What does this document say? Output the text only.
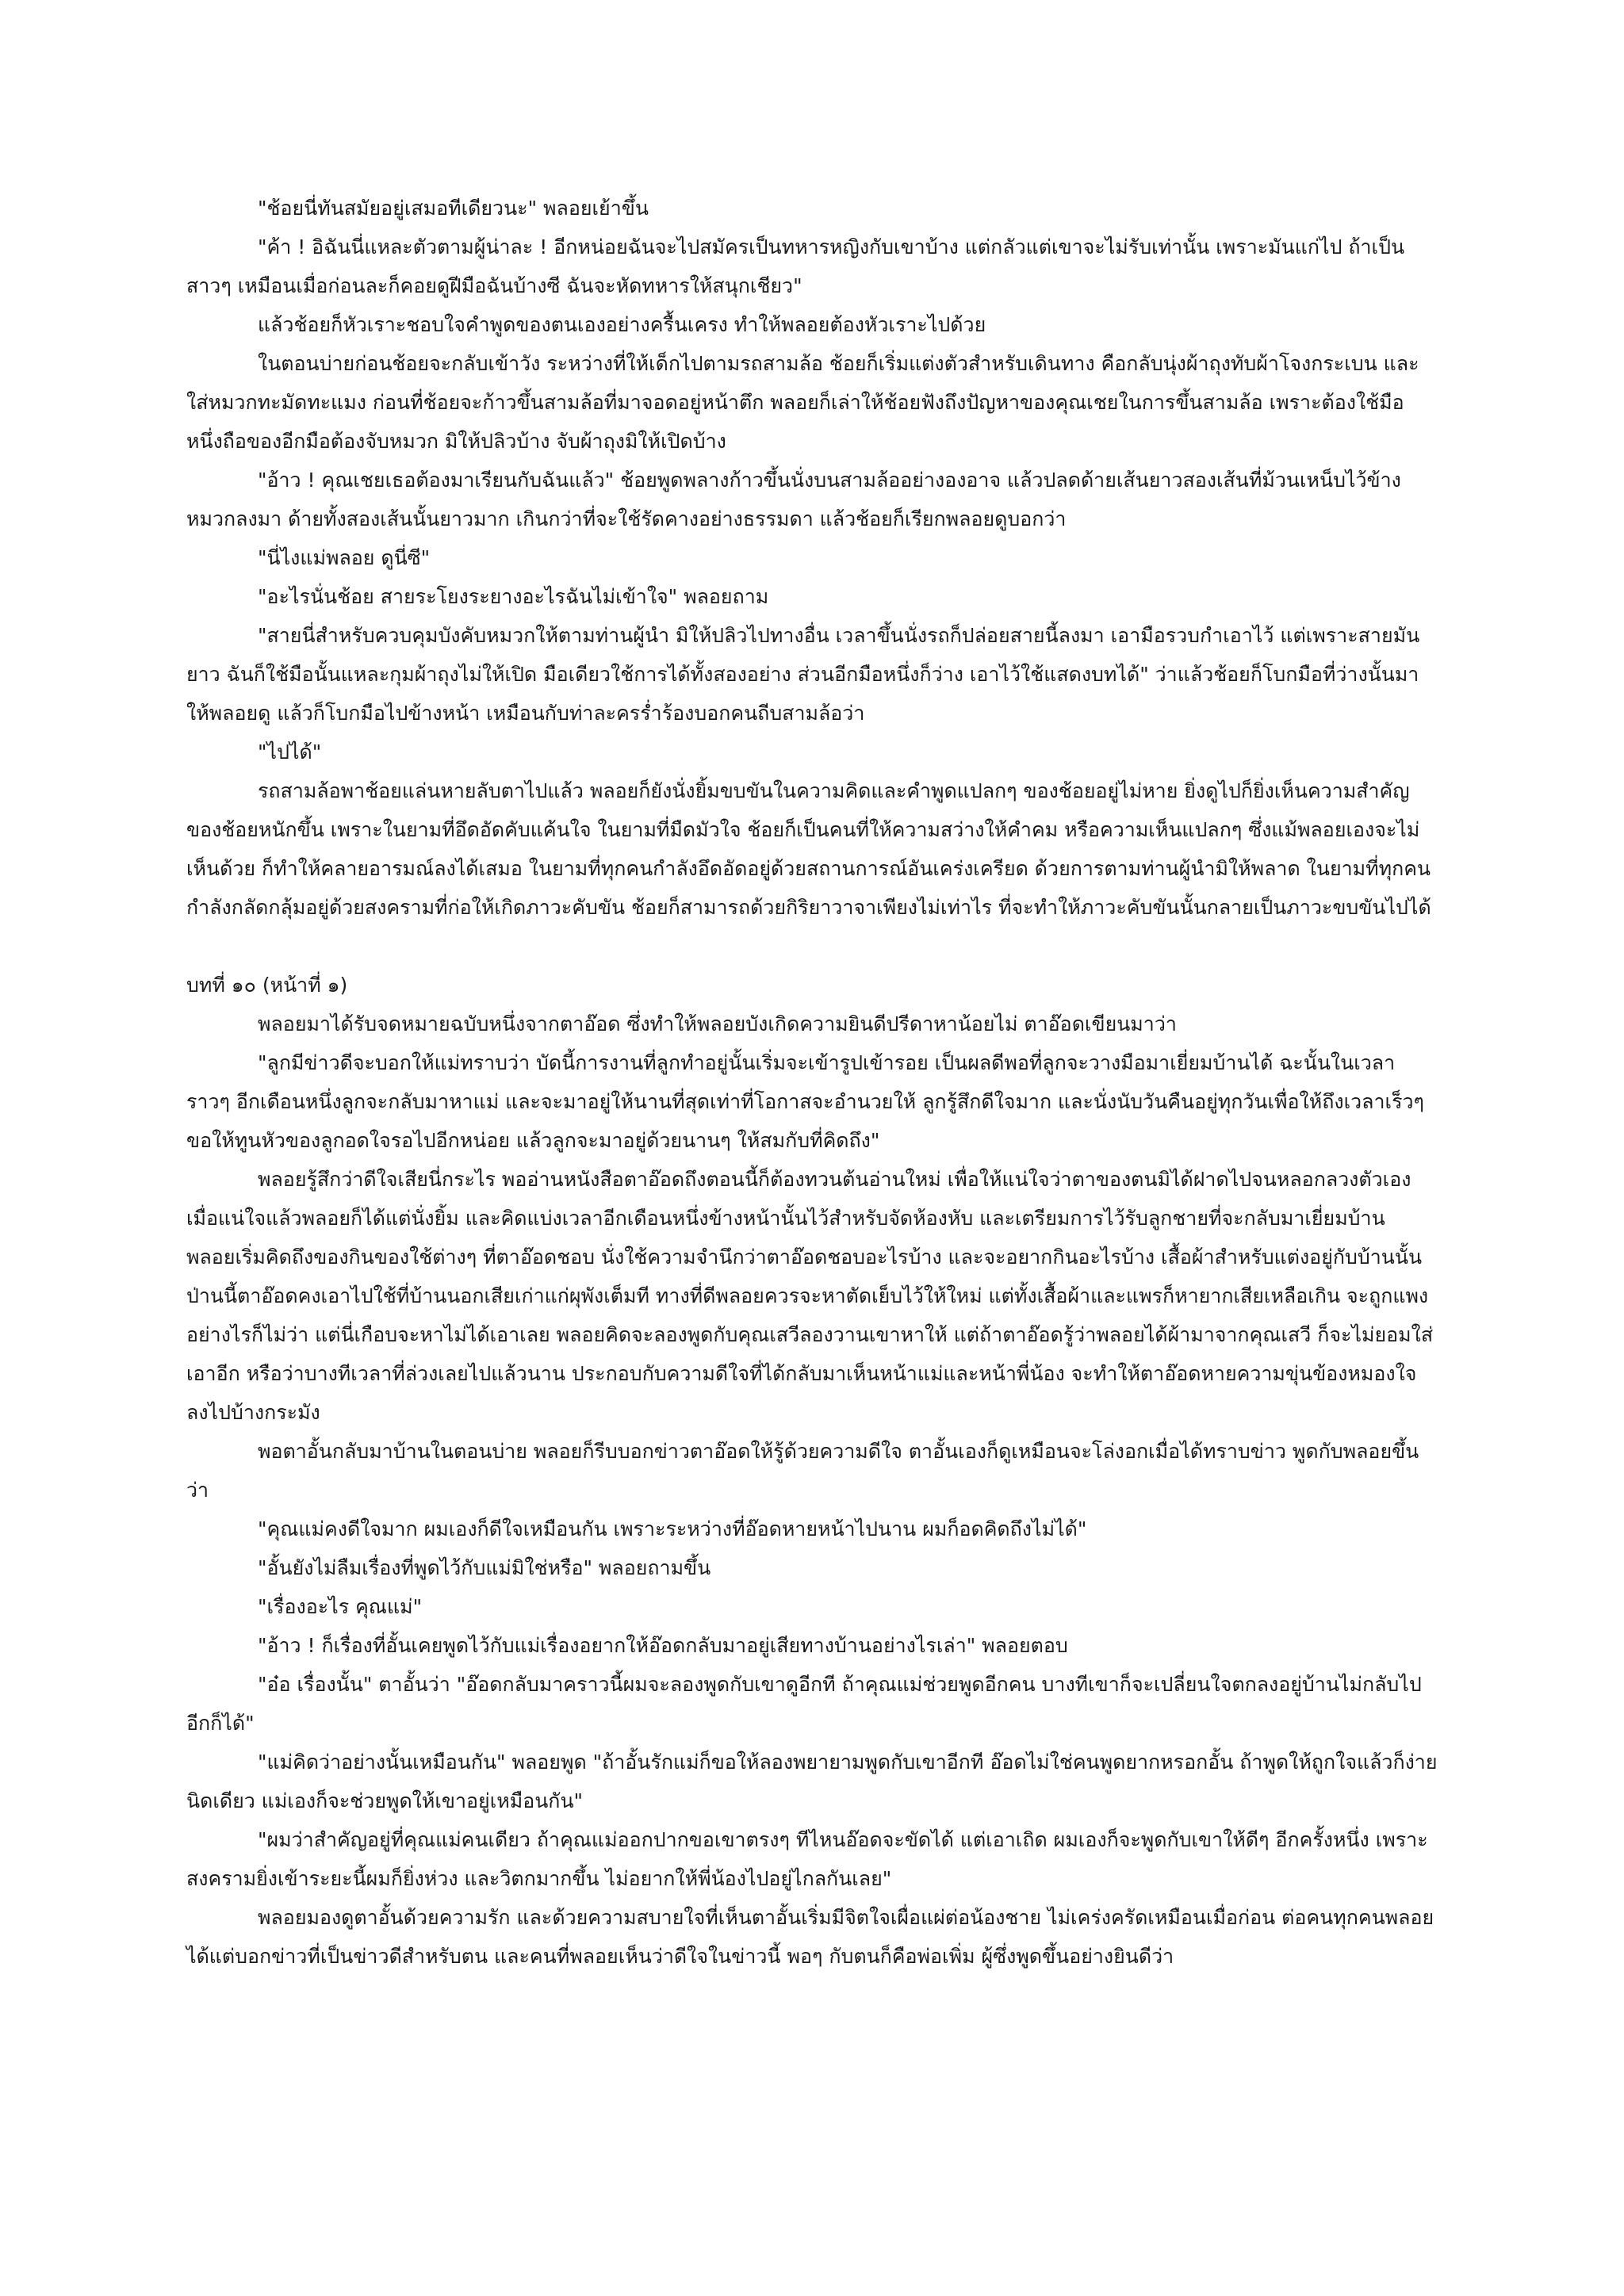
"ช้อยนี่ทันสมัยอยู่เสมอทีเดียวนะ" พลอยเย้าขึ้น

"ค้า ! อิฉันนี่แหละตัวตามผู้น่าละ ! อีกหน่อยฉันจะไปสมัครเป็นทหารหญิงกับเขาบ้าง แต่กลัวแต่เขาจะไม่รับเท่านั้น เพราะมันแก่ไป ถ้าเป็นสาวๆ เหมือนเมื่อก่อนละก็คอยดูฝีมือฉันบ้างซี ฉันจะหัดทหารให้สนุกเชียว"

แล้วช้อยก็หัวเราะชอบใจคำพูดของตนเองอย่างครื้นเครง ทำให้พลอยต้องหัวเราะไปด้วย

ในตอนบ่ายก่อนช้อยจะกลับเข้าวัง ระหว่างที่ให้เด็กไปตามรถสามล้อ ช้อยก็เริ่มแต่งตัวสำหรับเดินทาง คือกลับนุ่งผ้าถุงทับผ้าโจงกระเบน และใส่หมวกทะมัดทะแมง ก่อนที่ช้อยจะก้าวขึ้นสามล้อที่มาจอดอยู่หน้าตึก พลอยก็เล่าให้ช้อยฟังถึงปัญหาของคุณเชยในการขึ้นสามล้อ เพราะต้องใช้มือหนึ่งถือของอีกมือต้องจับหมวก มิให้ปลิวบ้าง จับผ้าถุงมิให้เปิดบ้าง

"อ้าว ! คุณเชยเธอต้องมาเรียนกับฉันแล้ว" ช้อยพูดพลางก้าวขึ้นนั่งบนสามล้ออย่างองอาจ แล้วปลดด้ายเส้นยาวสองเส้นที่ม้วนเหน็บไว้ข้างหมวกลงมา ด้ายทั้งสองเส้นนั้นยาวมาก เกินกว่าที่จะใช้รัดคางอย่างธรรมดา แล้วช้อยก็เรียกพลอยดูบอกว่า

"นี่ไงแม่พลอย ดูนี่ซี"

"อะไรนั่นช้อย สายระโยงระยางอะไรฉันไม่เข้าใจ" พลอยถาม

"สายนี่สำหรับควบคุมบังคับหมวกให้ตามท่านผู้นำ มิให้ปลิวไปทางอื่น เวลาขึ้นนั่งรถก็ปล่อยสายนี้ลงมา เอามือรวบกำเอาไว้ แต่เพราะสายมันยาว ฉันก็ใช้มือนั้นแหละกุมผ้าถุงไม่ให้เปิด มือเดียวใช้การได้ทั้งสองอย่าง ส่วนอีกมือหนึ่งก็ว่าง เอาไว้ใช้แสดงบทได้" ว่าแล้วช้อยก็โบกมือที่ว่างนั้นมาให้พลอยดู แล้วก็โบกมือไปข้างหน้า เหมือนกับท่าละครร่ำร้องบอกคนถีบสามล้อว่า

"ไปได้"

รถสามล้อพาช้อยแล่นหายลับตาไปแล้ว พลอยก็ยังนั่งยิ้มขบขันในความคิดและคำพูดแปลกๆ ของช้อยอยู่ไม่หาย ยิ่งดูไปก็ยิ่งเห็นความสำคัญของช้อยหนักขึ้น เพราะในยามที่อึดอัดคับแค้นใจ ในยามที่มืดมัวใจ ช้อยก็เป็นคนที่ให้ความสว่างให้คำคม หรือความเห็นแปลกๆ ซึ่งแม้พลอยเองจะไม่เห็นด้วย ก็ทำให้คลายอารมณ์ลงได้เสมอ ในยามที่ทุกคนกำลังอึดอัดอยู่ด้วยสถานการณ์อันเคร่งเครียด ด้วยการตามท่านผู้นำมิให้พลาด ในยามที่ทุกคนกำลังกลัดกลุ้มอยู่ด้วยสงครามที่ก่อให้เกิดภาวะคับขัน ช้อยก็สามารถด้วยกิริยาวาจาเพียงไม่เท่าไร ที่จะทำให้ภาวะคับขันนั้นกลายเป็นภาวะขบขันไปได้

บทที่ ๑๐ (หน้าที่ ๑)

พลอยมาได้รับจดหมายฉบับหนึ่งจากตาอ๊อด ซึ่งทำให้พลอยบังเกิดความยินดีปรีดาหาน้อยไม่ ตาอ๊อดเขียนมาว่า

"ลูกมีข่าวดีจะบอกให้แม่ทราบว่า บัดนี้การงานที่ลูกทำอยู่นั้นเริ่มจะเข้ารูปเข้ารอย เป็นผลดีพอที่ลูกจะวางมือมาเยี่ยมบ้านได้ ฉะนั้นในเวลาราวๆ อีกเดือนหนึ่งลูกจะกลับมาหาแม่ และจะมาอยู่ให้นานที่สุดเท่าที่โอกาสจะอำนวยให้ ลูกรู้สึกดีใจมาก และนั่งนับวันคืนอยู่ทุกวันเพื่อให้ถึงเวลาเร็วๆ ขอให้ทูนหัวของลูกอดใจรอไปอีกหน่อย แล้วลูกจะมาอยู่ด้วยนานๆ ให้สมกับที่คิดถึง"

พลอยรู้สึกว่าดีใจเสียนี่กระไร พออ่านหนังสือตาอ๊อดถึงตอนนี้ก็ต้องทวนต้นอ่านใหม่ เพื่อให้แน่ใจว่าตาของตนมิได้ฝาดไปจนหลอกลวงตัวเอง เมื่อแน่ใจแล้วพลอยก็ได้แต่นั่งยิ้ม และคิดแบ่งเวลาอีกเดือนหนึ่งข้างหน้านั้นไว้สำหรับจัดห้องหับ และเตรียมการไว้รับลูกชายที่จะกลับมาเยี่ยมบ้าน พลอยเริ่มคิดถึงของกินของใช้ต่างๆ ที่ตาอ๊อดชอบ นั่งใช้ความจำนึกว่าตาอ๊อดชอบอะไรบ้าง และจะอยากกินอะไรบ้าง เสื้อผ้าสำหรับแต่งอยู่กับบ้านนั้น ป่านนี้ตาอ๊อดคงเอาไปใช้ที่บ้านนอกเสียเก่าแก่ผุพังเต็มที ทางที่ดีพลอยควรจะหาตัดเย็บไว้ให้ใหม่ แต่ทั้งเสื้อผ้าและแพรก็หายากเสียเหลือเกิน จะถูกแพงอย่างไรก็ไม่ว่า แต่นี่เกือบจะหาไม่ได้เอาเลย พลอยคิดจะลองพูดกับคุณเสวีลองวานเขาหาให้ แต่ถ้าตาอ๊อดรู้ว่าพลอยได้ผ้ามาจากคุณเสวี ก็จะไม่ยอมใส่เอาอีก หรือว่าบางทีเวลาที่ล่วงเลยไปแล้วนาน ประกอบกับความดีใจที่ได้กลับมาเห็นหน้าแม่และหน้าพี่น้อง จะทำให้ตาอ๊อดหายความขุ่นข้องหมองใจลงไปบ้างกระมัง

พอตาอั้นกลับมาบ้านในตอนบ่าย พลอยก็รีบบอกข่าวตาอ๊อดให้รู้ด้วยความดีใจ ตาอั้นเองก็ดูเหมือนจะโล่งอกเมื่อได้ทราบข่าว พูดกับพลอยขึ้นว่า

"คุณแม่คงดีใจมาก ผมเองก็ดีใจเหมือนกัน เพราะระหว่างที่อ๊อดหายหน้าไปนาน ผมก็อดคิดถึงไม่ได้"

"อั้นยังไม่ลืมเรื่องที่พูดไว้กับแม่มิใช่หรือ" พลอยถามขึ้น

"เรื่องอะไร คุณแม่"

"อ้าว ! ก็เรื่องที่อั้นเคยพูดไว้กับแม่เรื่องอยากให้อ๊อดกลับมาอยู่เสียทางบ้านอย่างไรเล่า" พลอยตอบ

"อ๋อ เรื่องนั้น" ตาอั้นว่า "อ๊อดกลับมาคราวนี้ผมจะลองพูดกับเขาดูอีกที ถ้าคุณแม่ช่วยพูดอีกคน บางทีเขาก็จะเปลี่ยนใจตกลงอยู่บ้านไม่กลับไปอีกก็ได้"

"แม่คิดว่าอย่างนั้นเหมือนกัน" พลอยพูด "ถ้าอั้นรักแม่ก็ขอให้ลองพยายามพูดกับเขาอีกที อ๊อดไม่ใช่คนพูดยากหรอกอั้น ถ้าพูดให้ถูกใจแล้วก็ง่ายนิดเดียว แม่เองก็จะช่วยพูดให้เขาอยู่เหมือนกัน"

"ผมว่าสำคัญอยู่ที่คุณแม่คนเดียว ถ้าคุณแม่ออกปากขอเขาตรงๆ ทีไหนอ๊อดจะขัดได้ แต่เอาเถิด ผมเองก็จะพูดกับเขาให้ดีๆ อีกครั้งหนึ่ง เพราะสงครามยิ่งเข้าระยะนี้ผมก็ยิ่งห่วง และวิตกมากขึ้น ไม่อยากให้พี่น้องไปอยู่ไกลกันเลย"

พลอยมองดูตาอั้นด้วยความรัก และด้วยความสบายใจที่เห็นตาอั้นเริ่มมีจิตใจเผื่อแผ่ต่อน้องชาย ไม่เคร่งครัดเหมือนเมื่อก่อน ต่อคนทุกคนพลอยได้แต่บอกข่าวที่เป็นข่าวดีสำหรับตน และคนที่พลอยเห็นว่าดีใจในข่าวนี้ พอๆ กับตนก็คือพ่อเพิ่ม ผู้ซึ่งพูดขึ้นอย่างยินดีว่า
